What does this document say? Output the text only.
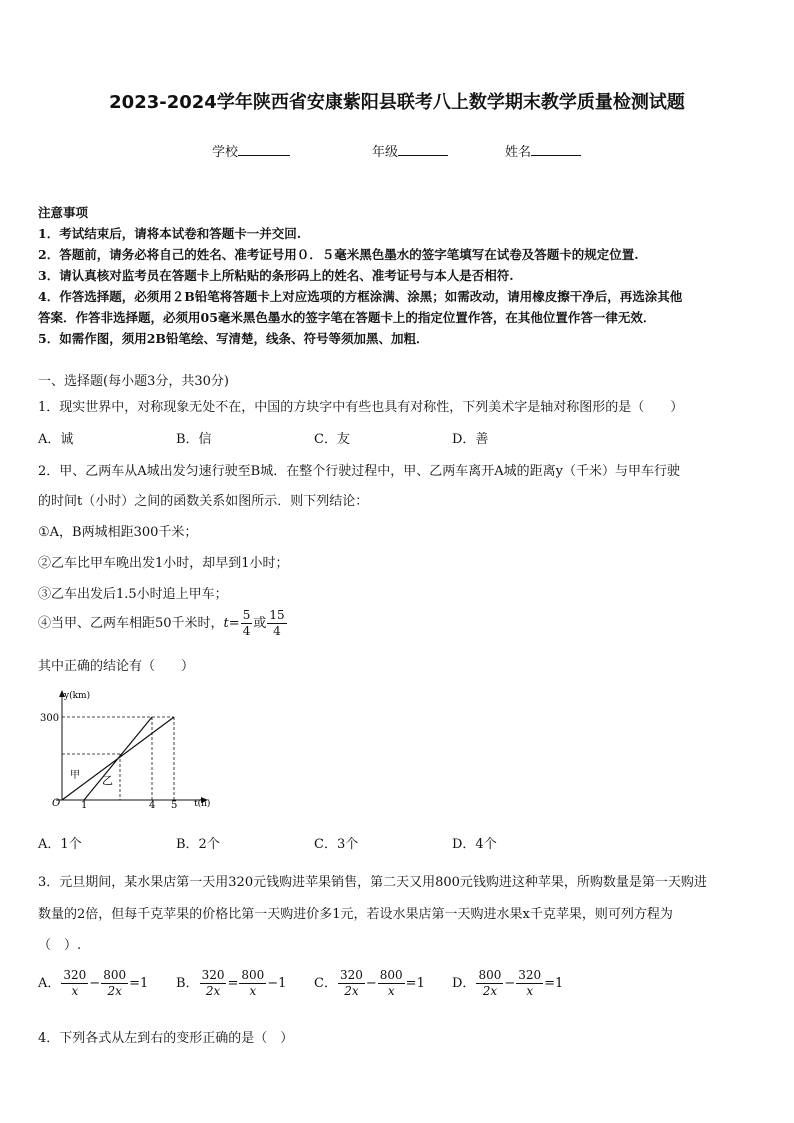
2023-2024学年陕西省安康紫阳县联考八上数学期末教学质量检测试题
学校	年级	姓名
注意事项
1．考试结束后，请将本试卷和答题卡一并交回.
2．答题前，请务必将自己的姓名、准考证号用０．５毫米黑色墨水的签字笔填写在试卷及答题卡的规定位置.
3．请认真核对监考员在答题卡上所粘贴的条形码上的姓名、准考证号与本人是否相符.
4．作答选择题，必须用２B铅笔将答题卡上对应选项的方框涂满、涂黑；如需改动，请用橡皮擦干净后，再选涂其他
答案．作答非选择题，必须用05毫米黑色墨水的签字笔在答题卡上的指定位置作答，在其他位置作答一律无效．
5．如需作图，须用2B铅笔绘、写清楚，线条、符号等须加黑、加粗．
一、选择题(每小题3分，共30分)
1．现实世界中，对称现象无处不在，中国的方块字中有些也具有对称性，下列美术字是轴对称图形的是（　　）
A．诚	B．信	C．友	D．善
2．甲、乙两车从A城出发匀速行驶至B城．在整个行驶过程中，甲、乙两车离开A城的距离y（千米）与甲车行驶
的时间t（小时）之间的函数关系如图所示．则下列结论：
①A，B两城相距300千米；
②乙车比甲车晚出发1小时，却早到1小时；
③乙车出发后1.5小时追上甲车；
④当甲、乙两车相距50千米时，$t= \frac{5}{4}$ 或 $\frac{15}{4}$
其中正确的结论有（　　）
y(km)
300
O 1	4 5 t(h)
甲 乙
A．1个	B．2个	C．3个	D．4个
3．元旦期间，某水果店第一天用320元钱购进苹果销售，第二天又用800元钱购进这种苹果，所购数量是第一天购进
数量的2倍，但每千克苹果的价格比第一天购进价多1元，若设水果店第一天购进水果x千克苹果，则可列方程为
（　）.
A． $\frac{320}{x} - \frac{800}{2x} =1$ B． $\frac{320}{2x} = \frac{800}{x} -1$ C． $\frac{320}{2x} - \frac{800}{x} =1$ D． $\frac{800}{2x} - \frac{320}{x} =1$
4．下列各式从左到右的变形正确的是（　）
